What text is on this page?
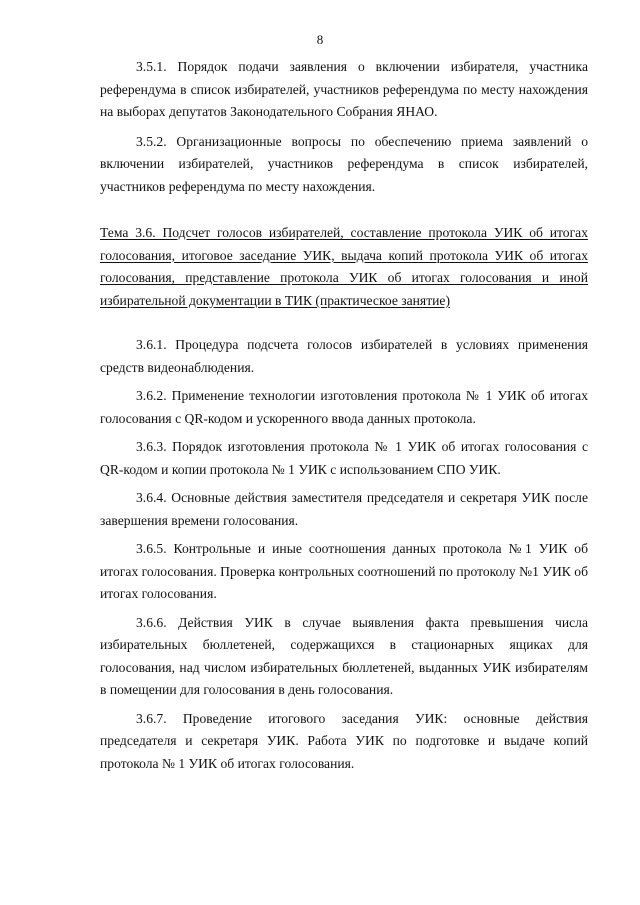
8

3.5.1. Порядок подачи заявления о включении избирателя, участника референдума в список избирателей, участников референдума по месту нахождения на выборах депутатов Законодательного Собрания ЯНАО.

3.5.2. Организационные вопросы по обеспечению приема заявлений о включении избирателей, участников референдума в список избирателей, участников референдума по месту нахождения.

Тема 3.6. Подсчет голосов избирателей, составление протокола УИК об итогах голосования, итоговое заседание УИК, выдача копий протокола УИК об итогах голосования, представление протокола УИК об итогах голосования и иной избирательной документации в ТИК (практическое занятие)

3.6.1. Процедура подсчета голосов избирателей в условиях применения средств видеонаблюдения.

3.6.2. Применение технологии изготовления протокола № 1 УИК об итогах голосования с QR-кодом и ускоренного ввода данных протокола.

3.6.3. Порядок изготовления протокола № 1 УИК об итогах голосования с QR-кодом и копии протокола № 1 УИК с использованием СПО УИК.

3.6.4. Основные действия заместителя председателя и секретаря УИК после завершения времени голосования.

3.6.5. Контрольные и иные соотношения данных протокола №1 УИК об итогах голосования. Проверка контрольных соотношений по протоколу №1 УИК об итогах голосования.

3.6.6. Действия УИК в случае выявления факта превышения числа избирательных бюллетеней, содержащихся в стационарных ящиках для голосования, над числом избирательных бюллетеней, выданных УИК избирателям в помещении для голосования в день голосования.

3.6.7. Проведение итогового заседания УИК: основные действия председателя и секретаря УИК. Работа УИК по подготовке и выдаче копий протокола № 1 УИК об итогах голосования.
